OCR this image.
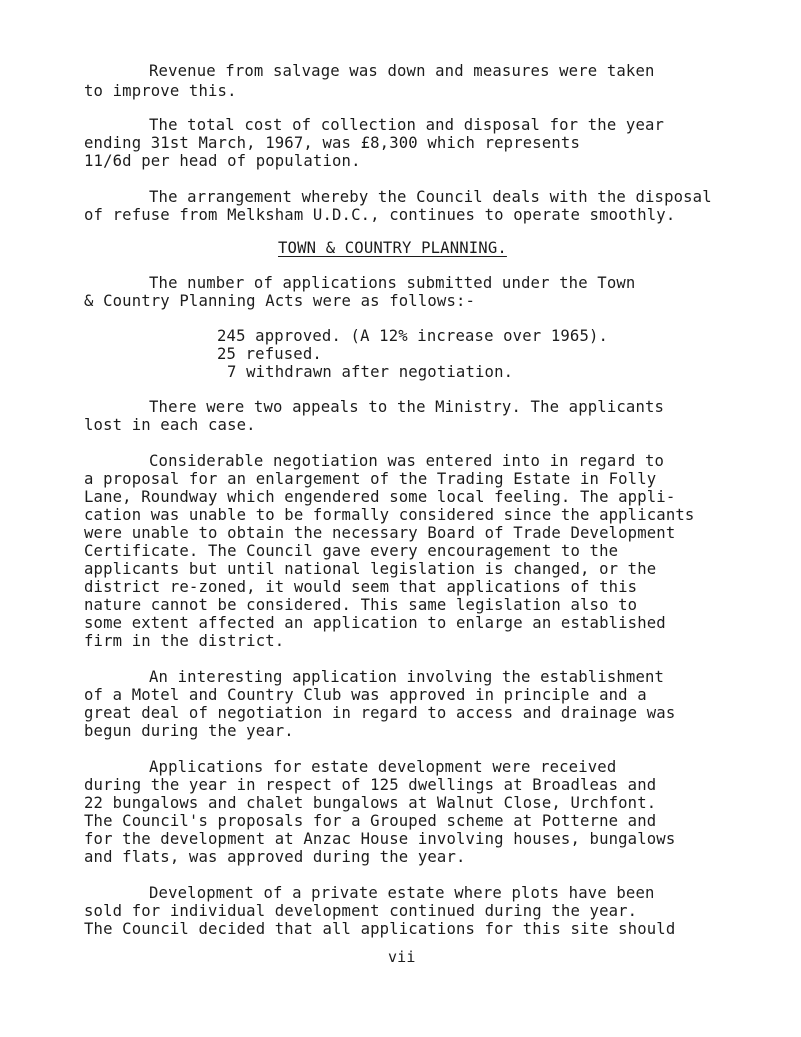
Revenue from salvage was down and measures were taken
to improve this.
The total cost of collection and disposal for the year
ending 31st March, 1967, was £8,300 which represents
11/6d per head of population.
The arrangement whereby the Council deals with the disposal
of refuse from Melksham U.D.C., continues to operate smoothly.
TOWN & COUNTRY PLANNING.
The number of applications submitted under the Town
& Country Planning Acts were as follows:-
245 approved. (A 12% increase over 1965).
25 refused.
7 withdrawn after negotiation.
There were two appeals to the Ministry. The applicants
lost in each case.
Considerable negotiation was entered into in regard to
a proposal for an enlargement of the Trading Estate in Folly
Lane, Roundway which engendered some local feeling. The appli-
cation was unable to be formally considered since the applicants
were unable to obtain the necessary Board of Trade Development
Certificate. The Council gave every encouragement to the
applicants but until national legislation is changed, or the
district re-zoned, it would seem that applications of this
nature cannot be considered. This same legislation also to
some extent affected an application to enlarge an established
firm in the district.
An interesting application involving the establishment
of a Motel and Country Club was approved in principle and a
great deal of negotiation in regard to access and drainage was
begun during the year.
Applications for estate development were received
during the year in respect of 125 dwellings at Broadleas and
22 bungalows and chalet bungalows at Walnut Close, Urchfont.
The Council's proposals for a Grouped scheme at Potterne and
for the development at Anzac House involving houses, bungalows
and flats, was approved during the year.
Development of a private estate where plots have been
sold for individual development continued during the year.
The Council decided that all applications for this site should
vii
